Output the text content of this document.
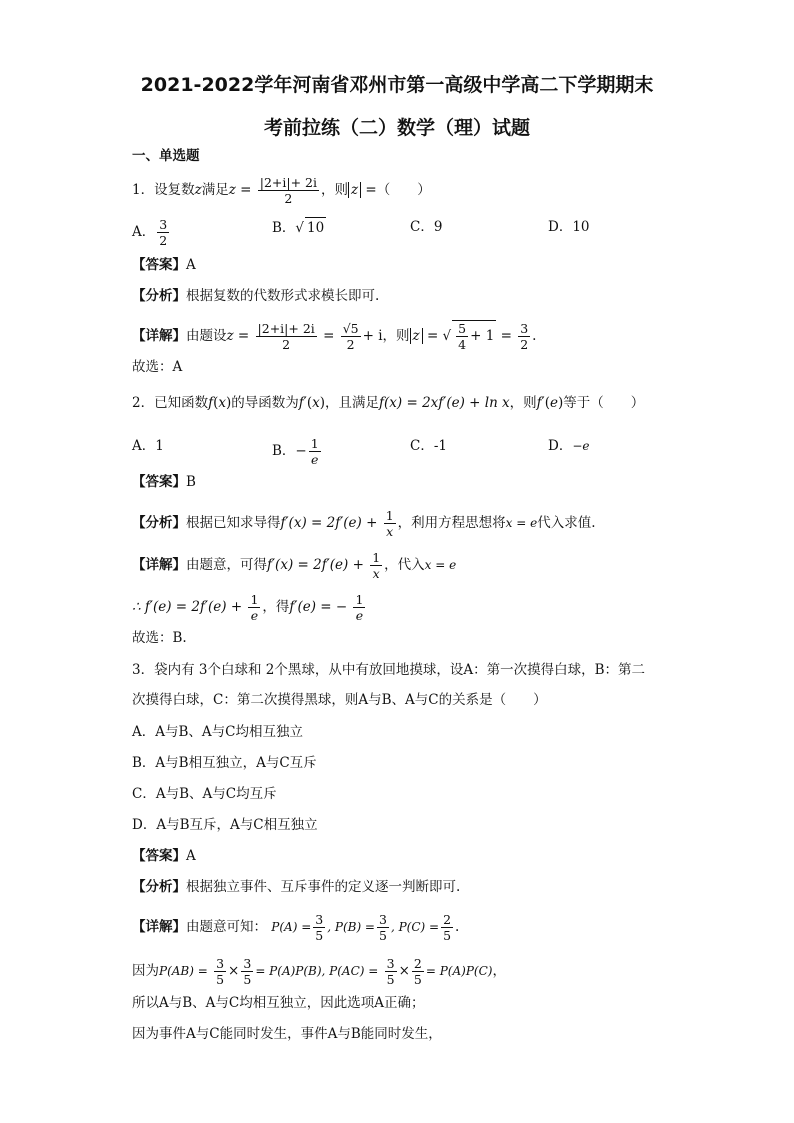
2021-2022学年河南省邓州市第一高级中学高二下学期期末
考前拉练（二）数学（理）试题
一、单选题
1．设复数z满足$z = \frac{|2+i|+ 2i}{2}$ ，则 z =（　　）
A． $\frac{3}{2}$	B．√ 10	C．9	D．10
【答案】A
【分析】根据复数的代数形式求模长即可.
【详解】由题设$z = \frac{|2+i|+ 2i}{2} = \frac{√5}{2} + i$，则 z = √ $\frac{5}{4} + 1 = \frac{3}{2}$ .
故选：A
2．已知函数f(x)的导函数为f′(x)，且满足f(x) = 2xf′(e) + ln x，则f′(e)等于（　　）
A．1	B．− $\frac{1}{e}$	C．-1	D．−e
【答案】B
【分析】根据已知求导得$f'(x) = 2f'(e) + \frac{1}{x}$ ，利用方程思想将x = e代入求值.
【详解】由题意，可得$f'(x) = 2f'(e) + \frac{1}{x}$ ，代入x = e
∴ $f'(e) = 2f'(e) + \frac{1}{e}$ ，得f′(e) = − $\frac{1}{e}$
故选：B.
3．袋内有 3个白球和 2个黑球，从中有放回地摸球，设A：第一次摸得白球，B：第二
次摸得白球，C：第二次摸得黑球，则A与B、A与C的关系是（　　）
A．A与B、A与C均相互独立
B．A与B相互独立，A与C互斥
C．A与B、A与C均互斥
D．A与B互斥，A与C相互独立
【答案】A
【分析】根据独立事件、互斥事件的定义逐一判断即可.
【详解】由题意可知： $P(A) = \frac{3}{5}$ , $P(B) = \frac{3}{5}$ , $P(C) = \frac{2}{5}$ .
因为$P(AB) = \frac{3}{5} \times \frac{3}{5} = P(A)P(B)$, $P(AC) = \frac{3}{5} \times \frac{2}{5} = P(A)P(C)$，
所以A与B、A与C均相互独立，因此选项A正确；
因为事件A与C能同时发生，事件A与B能同时发生，
